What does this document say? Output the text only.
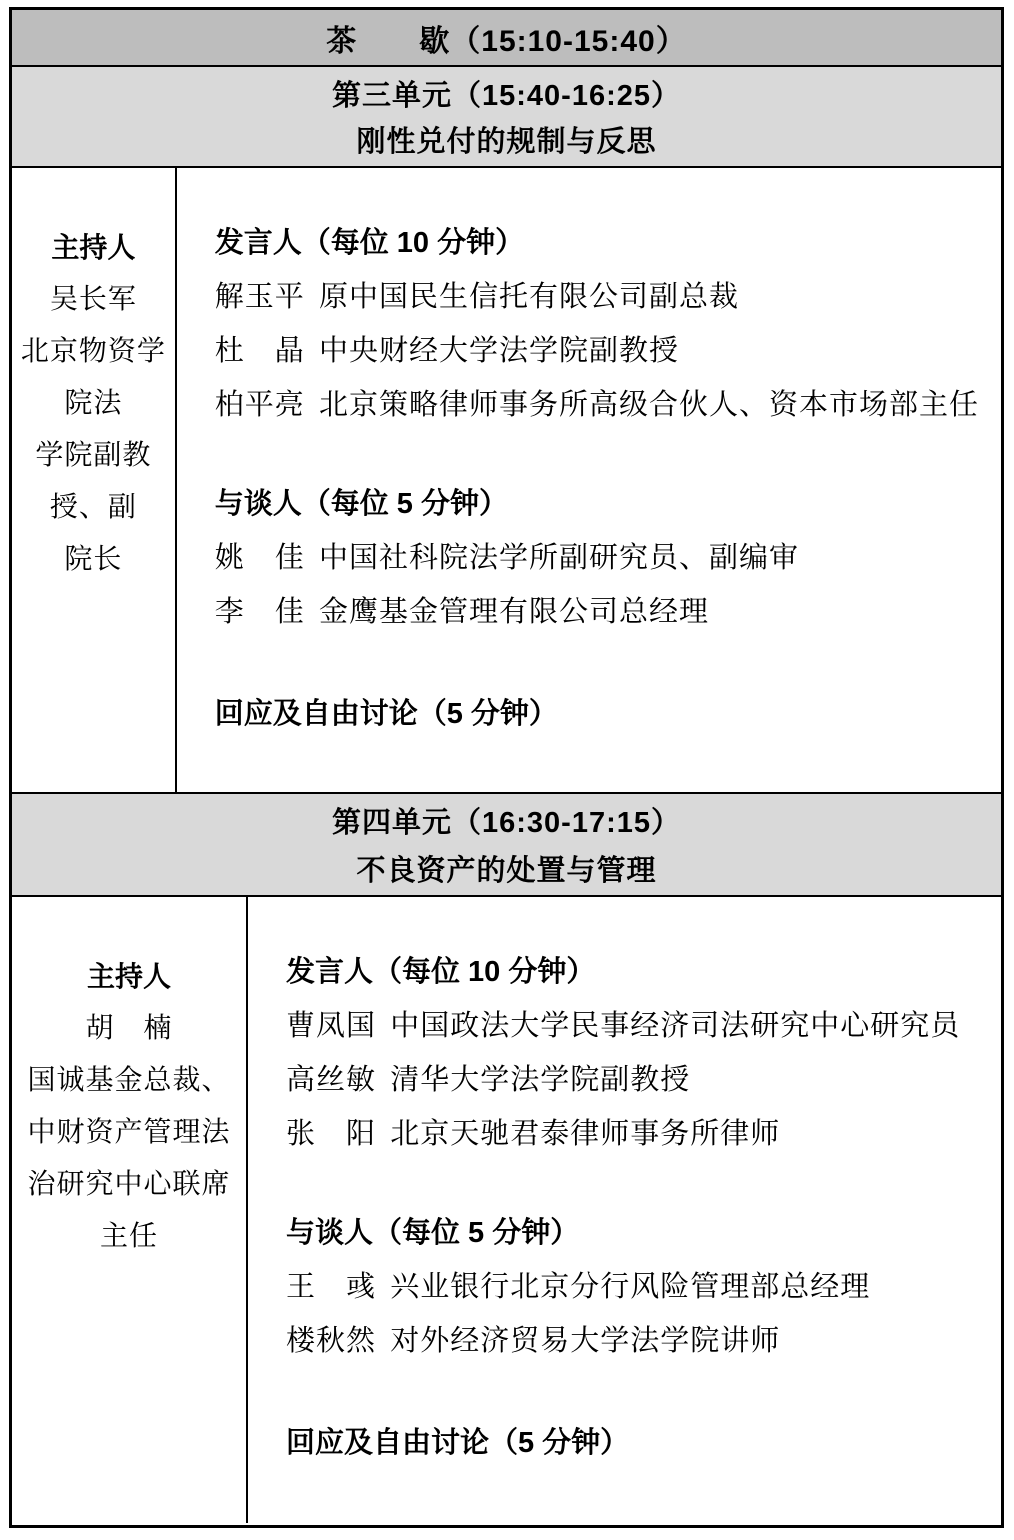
茶　　歇（15:10-15:40）
第三单元（15:40-16:25）
刚性兑付的规制与反思
主持人
吴长军
北京物资学院法
学院副教授、副
院长
发言人（每位 10 分钟）
解玉平 原中国民生信托有限公司副总裁
杜　晶 中央财经大学法学院副教授
柏平亮 北京策略律师事务所高级合伙人、资本市场部主任
与谈人（每位 5 分钟）
姚　佳 中国社科院法学所副研究员、副编审
李　佳 金鹰基金管理有限公司总经理
回应及自由讨论（5 分钟）
第四单元（16:30-17:15）
不良资产的处置与管理
主持人
胡　楠
国诚基金总裁、
中财资产管理法
治研究中心联席
主任
发言人（每位 10 分钟）
曹凤国 中国政法大学民事经济司法研究中心研究员
高丝敏 清华大学法学院副教授
张　阳 北京天驰君泰律师事务所律师
与谈人（每位 5 分钟）
王　彧 兴业银行北京分行风险管理部总经理
楼秋然 对外经济贸易大学法学院讲师
回应及自由讨论（5 分钟）
